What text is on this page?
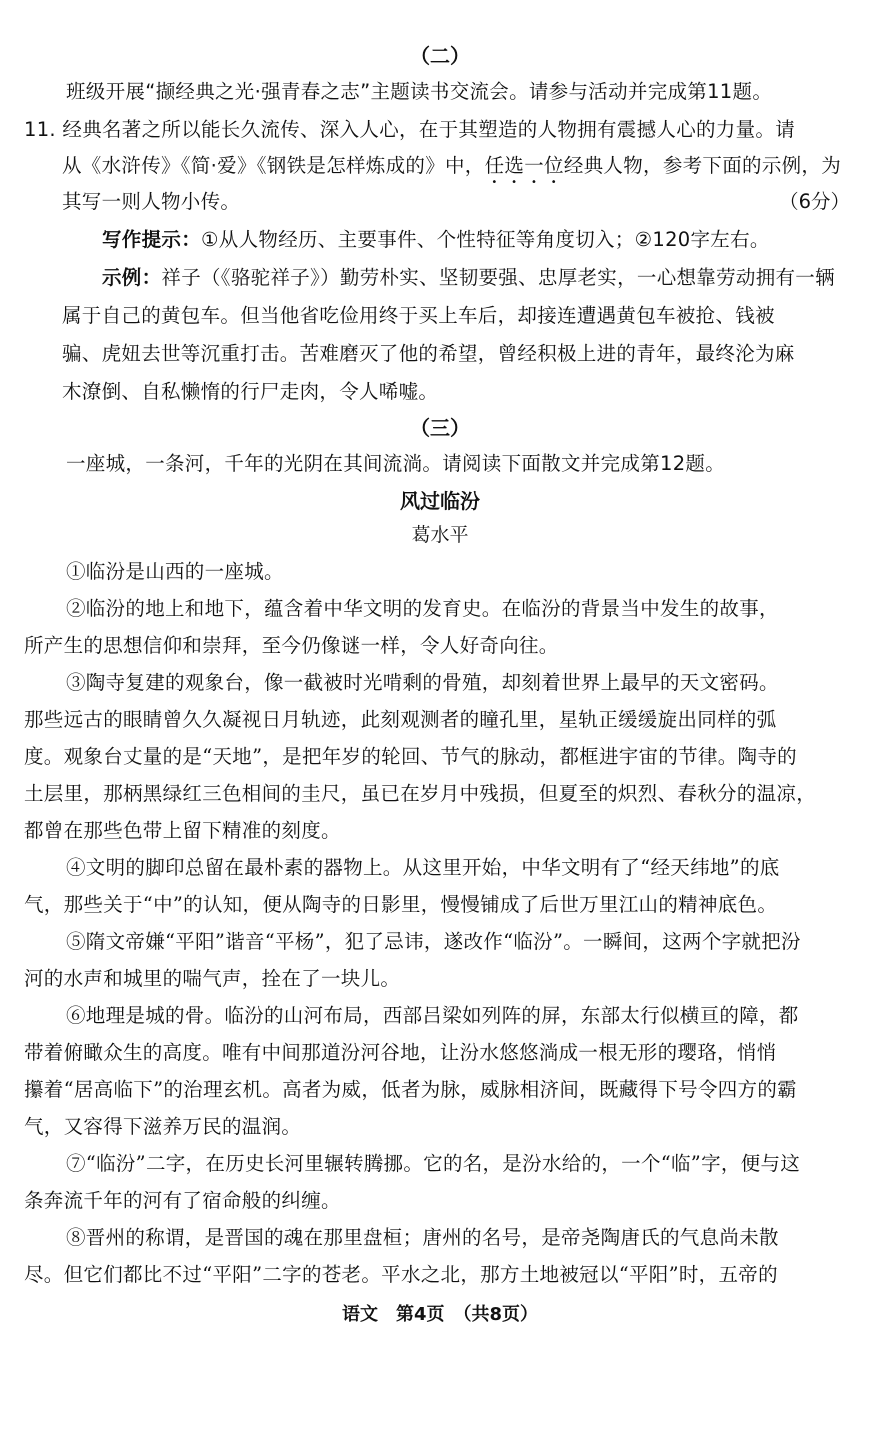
（二）
班级开展“撷经典之光·强青春之志”主题读书交流会。请参与活动并完成第11题。
11. 经典名著之所以能长久流传、深入人心，在于其塑造的人物拥有震撼人心的力量。请
从《水浒传》《简·爱》《钢铁是怎样炼成的》中，任选一位经典人物，参考下面的示例，为
其写一则人物小传。	（6分）
写作提示：①从人物经历、主要事件、个性特征等角度切入；②120字左右。
示例：祥子（《骆驼祥子》）勤劳朴实、坚韧要强、忠厚老实，一心想靠劳动拥有一辆
属于自己的黄包车。但当他省吃俭用终于买上车后，却接连遭遇黄包车被抢、钱被
骗、虎妞去世等沉重打击。苦难磨灭了他的希望，曾经积极上进的青年，最终沦为麻
木潦倒、自私懒惰的行尸走肉，令人唏嘘。
（三）
一座城，一条河，千年的光阴在其间流淌。请阅读下面散文并完成第12题。
风过临汾
葛水平
①临汾是山西的一座城。
②临汾的地上和地下，蕴含着中华文明的发育史。在临汾的背景当中发生的故事，
所产生的思想信仰和崇拜，至今仍像谜一样，令人好奇向往。
③陶寺复建的观象台，像一截被时光啃剩的骨殖，却刻着世界上最早的天文密码。
那些远古的眼睛曾久久凝视日月轨迹，此刻观测者的瞳孔里，星轨正缓缓旋出同样的弧
度。观象台丈量的是“天地”，是把年岁的轮回、节气的脉动，都框进宇宙的节律。陶寺的
土层里，那柄黑绿红三色相间的圭尺，虽已在岁月中残损，但夏至的炽烈、春秋分的温凉，
都曾在那些色带上留下精准的刻度。
④文明的脚印总留在最朴素的器物上。从这里开始，中华文明有了“经天纬地”的底
气，那些关于“中”的认知，便从陶寺的日影里，慢慢铺成了后世万里江山的精神底色。
⑤隋文帝嫌“平阳”谐音“平杨”，犯了忌讳，遂改作“临汾”。一瞬间，这两个字就把汾
河的水声和城里的喘气声，拴在了一块儿。
⑥地理是城的骨。临汾的山河布局，西部吕梁如列阵的屏，东部太行似横亘的障，都
带着俯瞰众生的高度。唯有中间那道汾河谷地，让汾水悠悠淌成一根无形的璎珞，悄悄
攥着“居高临下”的治理玄机。高者为威，低者为脉，威脉相济间，既藏得下号令四方的霸
气，又容得下滋养万民的温润。
⑦“临汾”二字，在历史长河里辗转腾挪。它的名，是汾水给的，一个“临”字，便与这
条奔流千年的河有了宿命般的纠缠。
⑧晋州的称谓，是晋国的魂在那里盘桓；唐州的名号，是帝尧陶唐氏的气息尚未散
尽。但它们都比不过“平阳”二字的苍老。平水之北，那方土地被冠以“平阳”时，五帝的
语文　第4页　（共8页）
